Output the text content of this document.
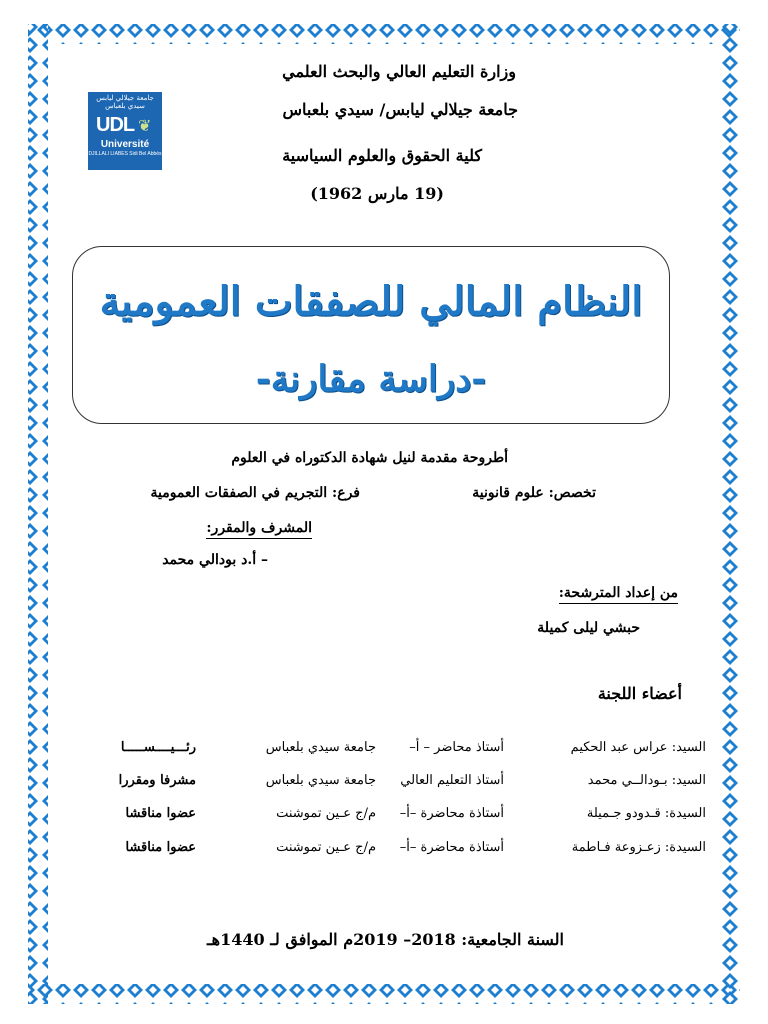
وزارة التعليم العالي والبحث العلمي
جامعة جيلالي ليابس/ سيدي بلعباس
كلية الحقوق والعلوم السياسية
(19 مارس 1962)
جامعة جيلالي ليابس سيدي بلعباس
UDL ❦
Université
DJILLALI LIABES Sidi Bel Abbès
النظام المالي للصفقات العمومية
-دراسة مقارنة-
أطروحة مقدمة لنيل شهادة الدكتوراه في العلوم
تخصص: علوم قانونية
فرع: التجريم في الصفقات العمومية
المشرف والمقرر:
– أ.د بودالي محمد
من إعداد المترشحة:
حبشي ليلى كميلة
أعضاء اللجنة
السيد: عراس عبد الحكيم
أستاذ محاضر – أ–
جامعة سيدي بلعباس
رئـــيــــســـــا
السيد: بـودالــي محمد
أستاذ التعليم العالي
جامعة سيدي بلعباس
مشرفا ومقررا
السيدة: قـدودو جـميلة
أستاذة محاضرة –أ–
م/ج عـين تموشنت
عضوا مناقشا
السيدة: زعـزوعة فـاطمة
أستاذة محاضرة –أ–
م/ج عـين تموشنت
عضوا مناقشا
السنة الجامعية: 2018– 2019م الموافق لـ 1440هـ
